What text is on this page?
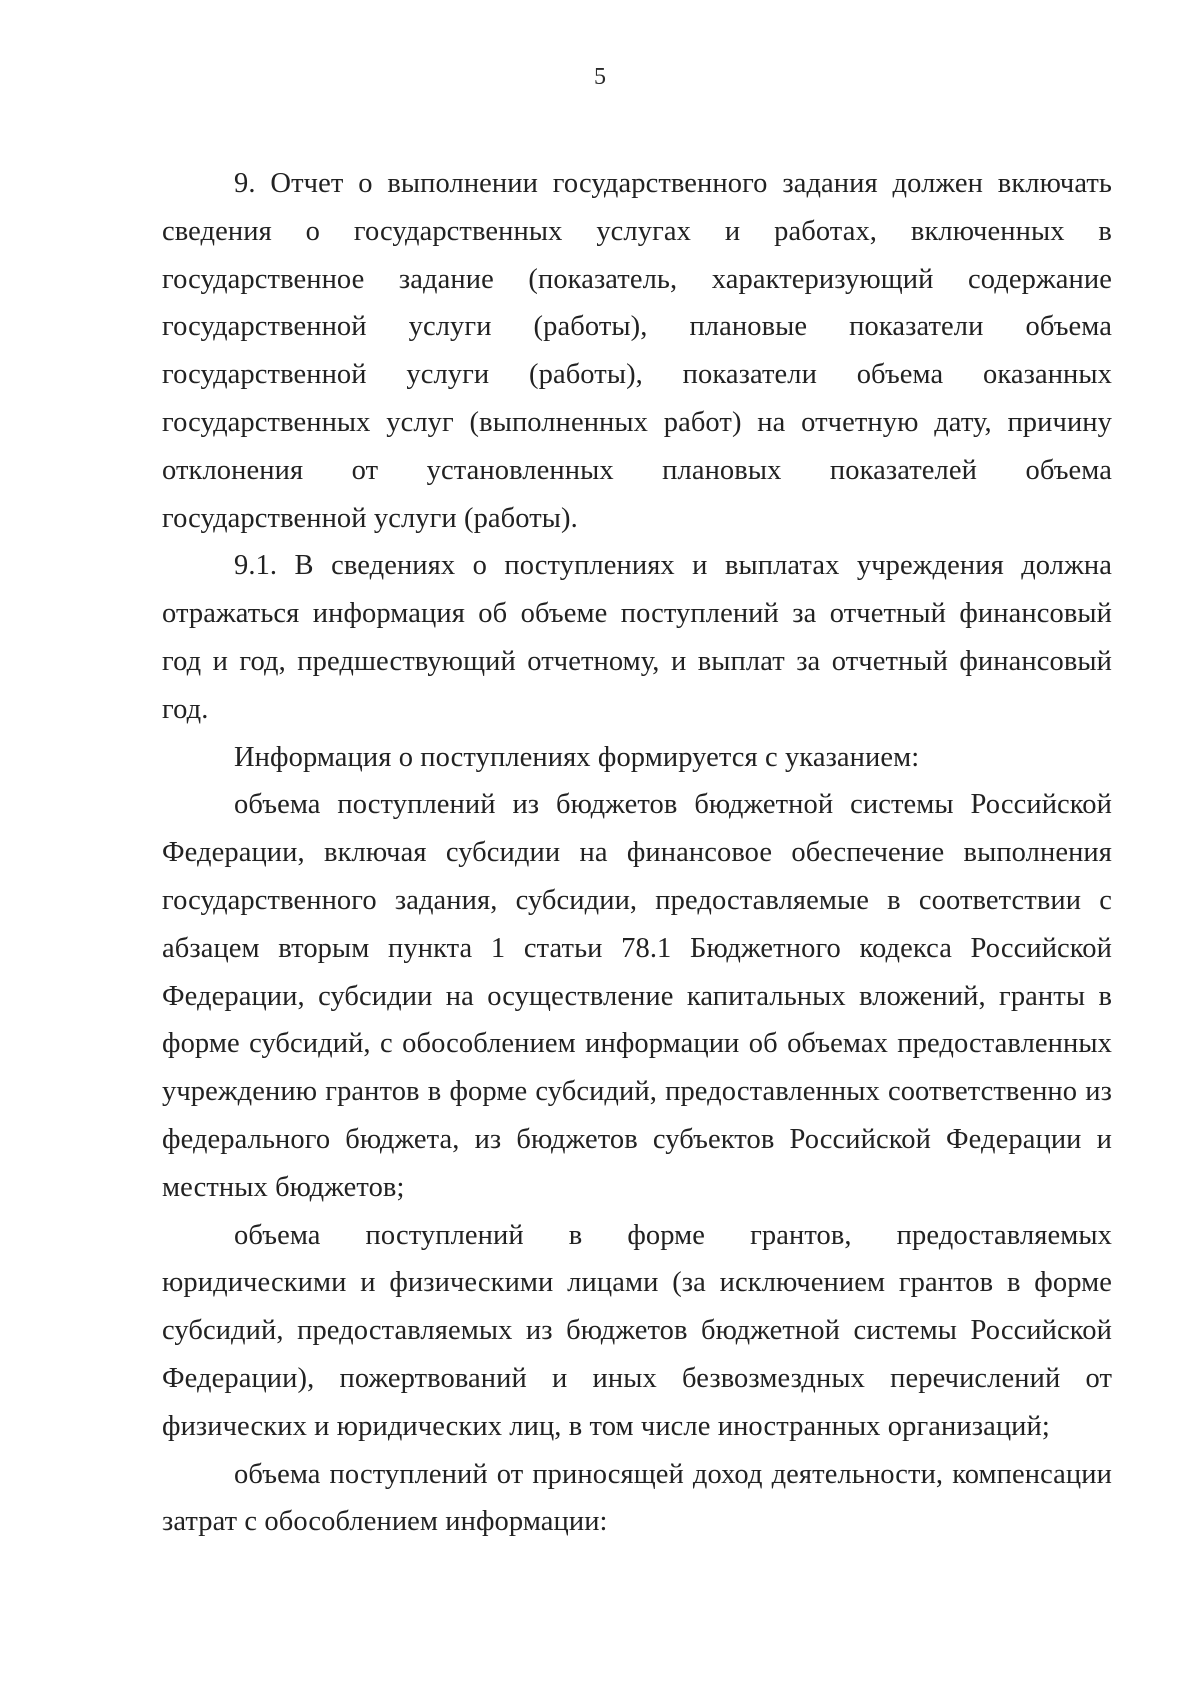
5

9. Отчет о выполнении государственного задания должен включать сведения о государственных услугах и работах, включенных в государственное задание (показатель, характеризующий содержание государственной услуги (работы), плановые показатели объема государственной услуги (работы), показатели объема оказанных государственных услуг (выполненных работ) на отчетную дату, причину отклонения от установленных плановых показателей объема государственной услуги (работы).

9.1. В сведениях о поступлениях и выплатах учреждения должна отражаться информация об объеме поступлений за отчетный финансовый год и год, предшествующий отчетному, и выплат за отчетный финансовый год.

Информация о поступлениях формируется с указанием:

объема поступлений из бюджетов бюджетной системы Российской Федерации, включая субсидии на финансовое обеспечение выполнения государственного задания, субсидии, предоставляемые в соответствии с абзацем вторым пункта 1 статьи 78.1 Бюджетного кодекса Российской Федерации, субсидии на осуществление капитальных вложений, гранты в форме субсидий, с обособлением информации об объемах предоставленных учреждению грантов в форме субсидий, предоставленных соответственно из федерального бюджета, из бюджетов субъектов Российской Федерации и местных бюджетов;

объема поступлений в форме грантов, предоставляемых юридическими и физическими лицами (за исключением грантов в форме субсидий, предоставляемых из бюджетов бюджетной системы Российской Федерации), пожертвований и иных безвозмездных перечислений от физических и юридических лиц, в том числе иностранных организаций;

объема поступлений от приносящей доход деятельности, компенсации затрат с обособлением информации:
